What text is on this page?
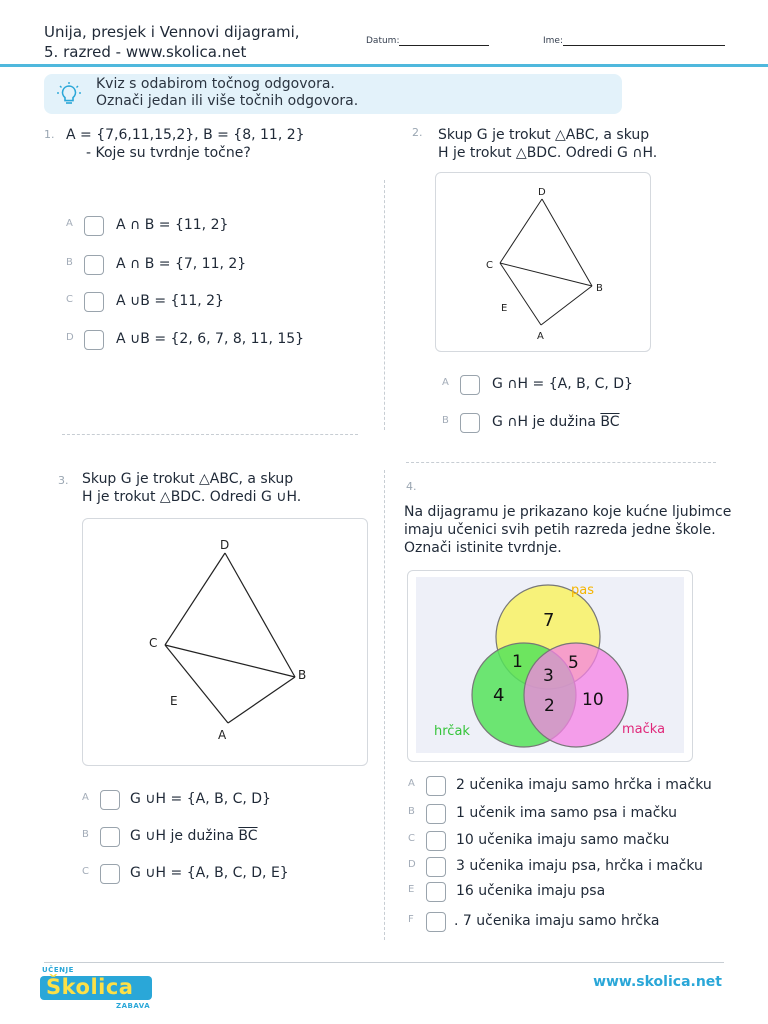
Unija, presjek i Vennovi dijagrami,
5. razred - www.skolica.net
Datum:	Ime:
Kviz s odabirom točnog odgovora.
Označi jedan ili više točnih odgovora.
1. A = {7,6,11,15,2}, B = {8, 11, 2}
- Koje su tvrdnje točne?
A	A ∩ B = {11, 2}
B	A ∩ B = {7, 11, 2}
C	A ∪B = {11, 2}
D	A ∪B = {2, 6, 7, 8, 11, 15}
2. Skup G je trokut △ABC, a skup
H je trokut △BDC. Odredi G ∩H.
D
C
B
E
A
A	G ∩H = {A, B, C, D}
B	G ∩H je dužina $\overline{BC}$
3. Skup G je trokut △ABC, a skup
H je trokut △BDC. Odredi G ∪H.
D
C
B
E
A
A	G ∪H = {A, B, C, D}
B	G ∪H je dužina $\overline{BC}$
C	G ∪H = {A, B, C, D, E}
4.
Na dijagramu je prikazano koje kućne ljubimce
imaju učenici svih petih razreda jedne škole.
Označi istinite tvrdnje.
pas
hrčak	mačka
7
1
3
5
4 2 10
A	2 učenika imaju samo hrčka i mačku
B	1 učenik ima samo psa i mačku
C	10 učenika imaju samo mačku
D	3 učenika imaju psa, hrčka i mačku
E	16 učenika imaju psa
F	. 7 učenika imaju samo hrčka
UČENJE
Školica
ZABAVA
www.skolica.net
